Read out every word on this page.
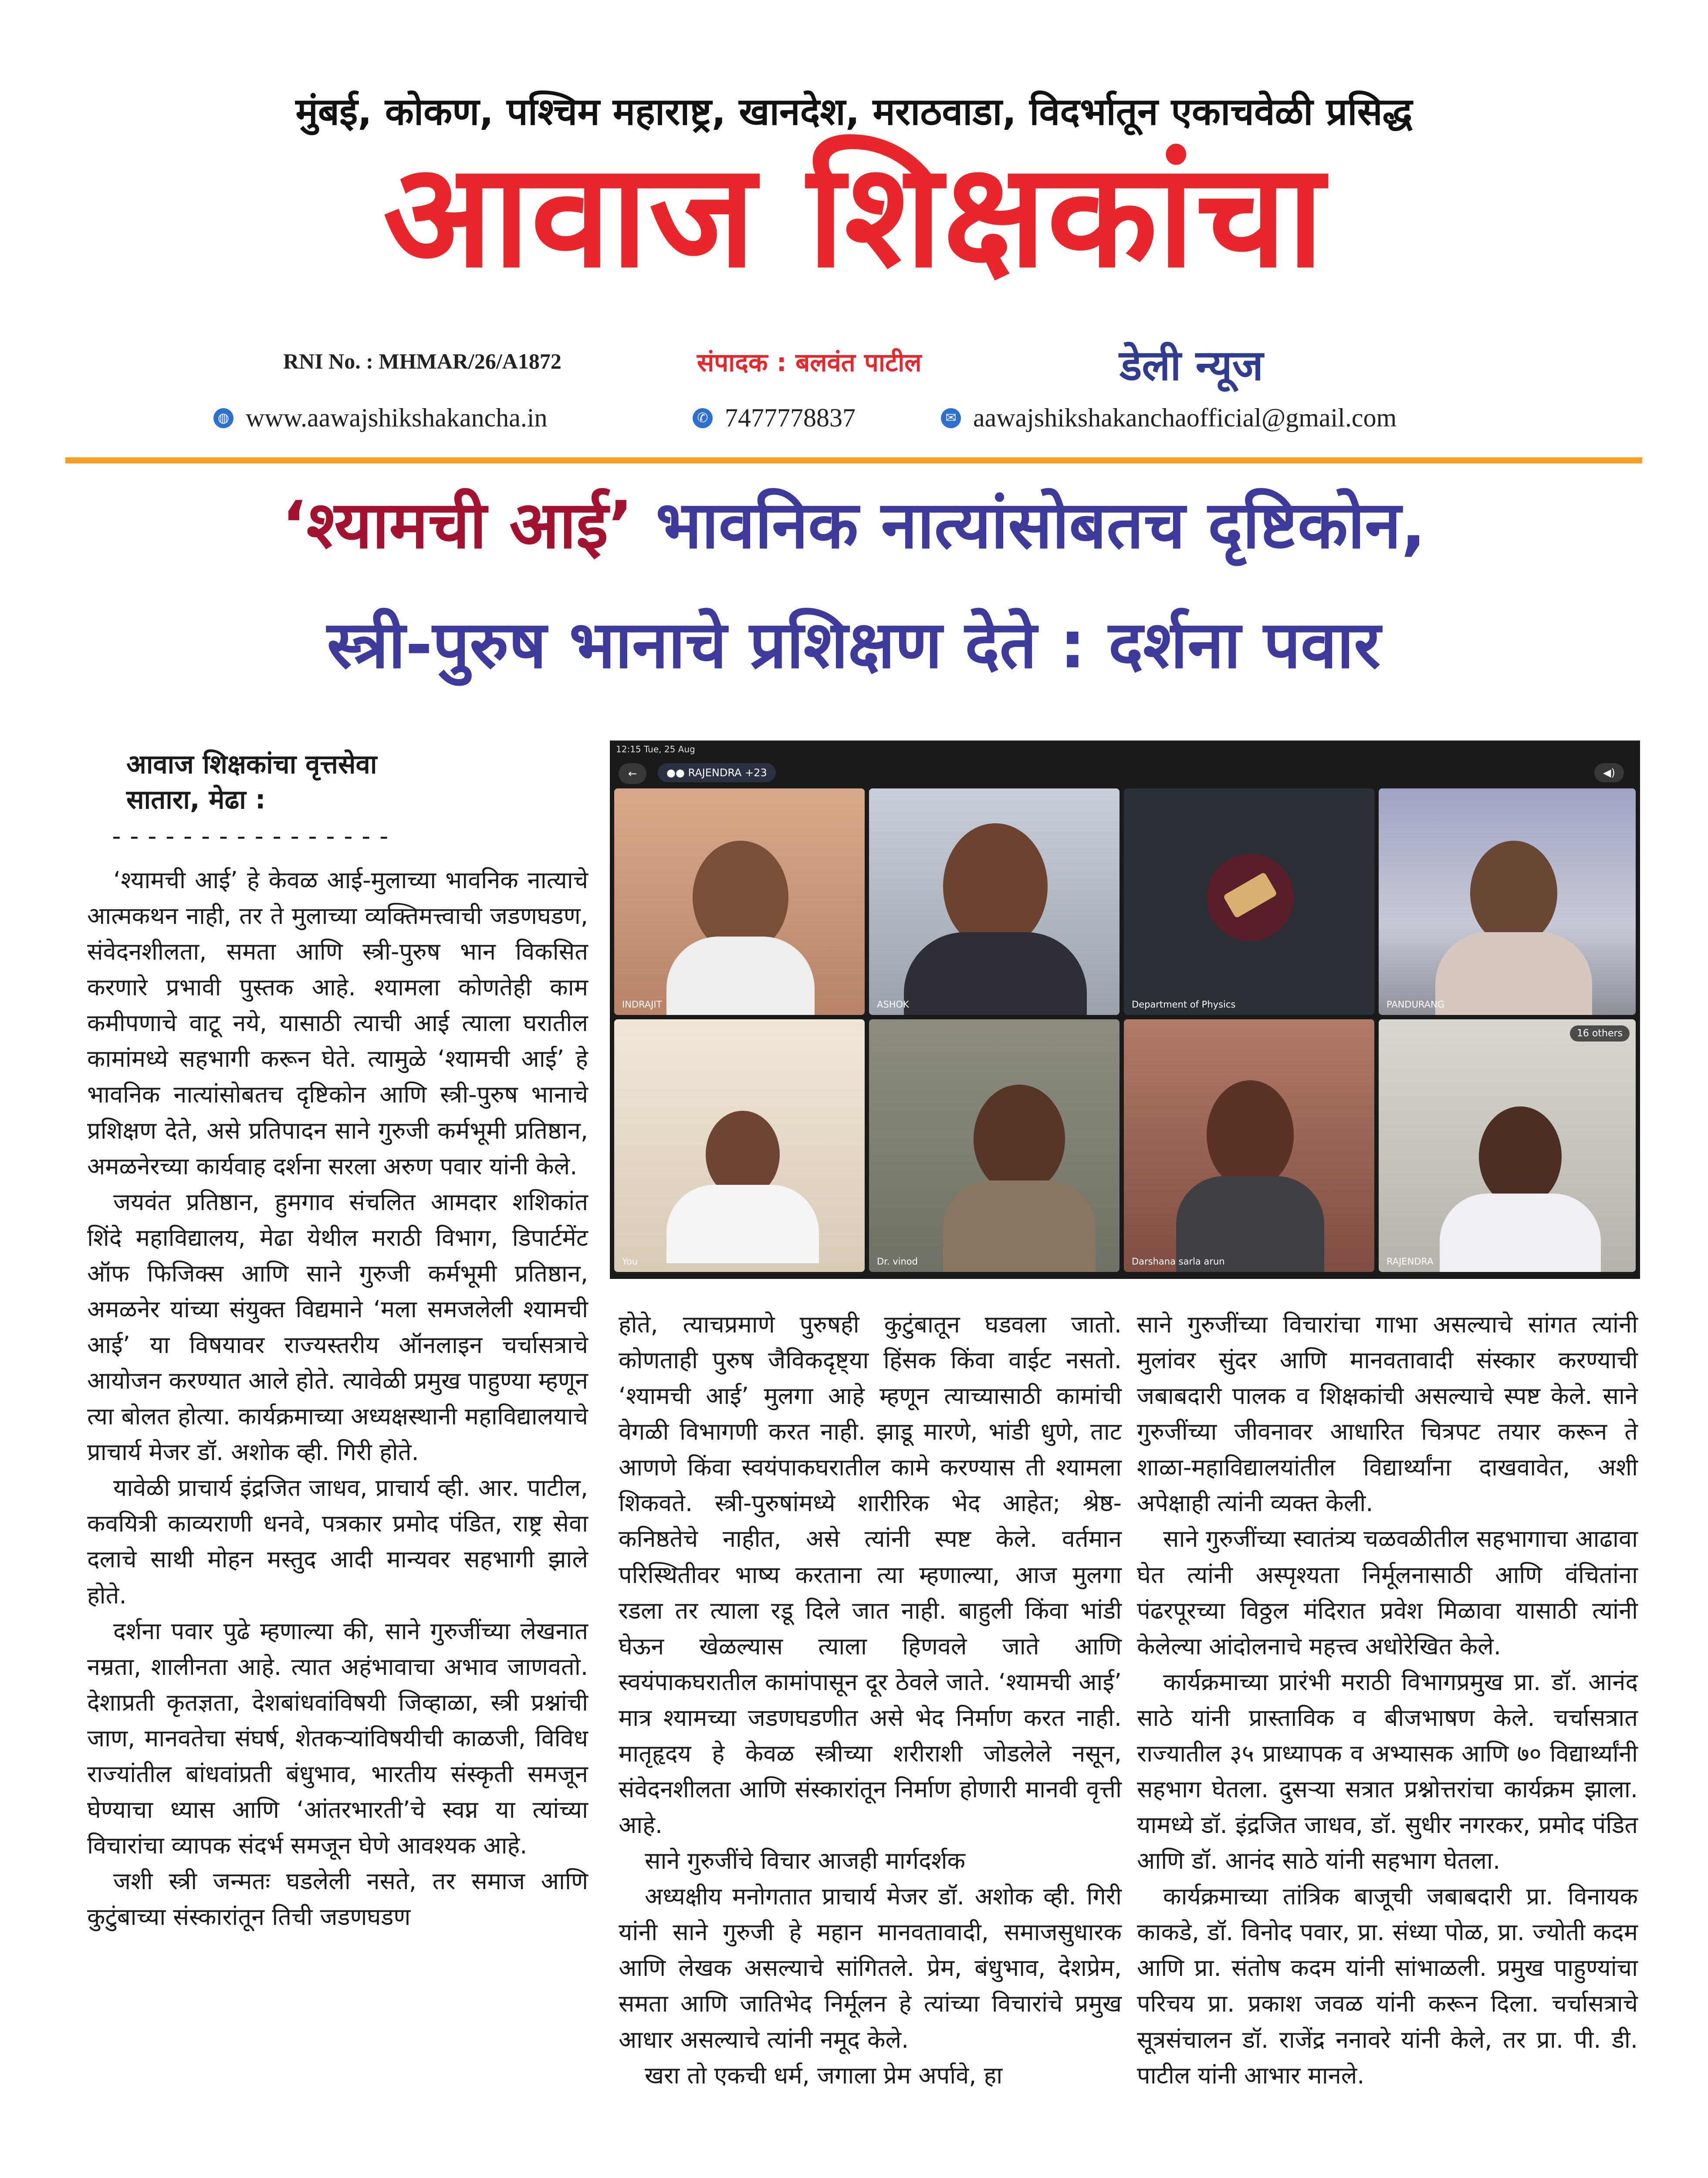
मुंबई, कोकण, पश्चिम महाराष्ट्र, खानदेश, मराठवाडा, विदर्भातून एकाचवेळी प्रसिद्ध
आवाज शिक्षकांचा
RNI No. : MHMAR/26/A1872	संपादक : बलवंत पाटील	डेली न्यूज
◍ www.aawajshikshakancha.in	✆ 7477778837	✉ aawajshikshakanchaofficial@gmail.com
‘श्यामची आई’ भावनिक नात्यांसोबतच दृष्टिकोन,
स्त्री-पुरुष भानाचे प्रशिक्षण देते : दर्शना पवार
आवाज शिक्षकांचा वृत्तसेवा
सातारा, मेढा :
----------------
12:15 Tue, 25 Aug
←	●● RAJENDRA +23	◀)
INDRAJIT	ASHOK	Department of Physics	PANDURANG
You	Dr. vinod	Darshana sarla arun
16 others
RAJENDRA

‘श्यामची आई’ हे केवळ आई-मुलाच्या भावनिक नात्याचे आत्मकथन नाही, तर ते मुलाच्या व्यक्तिमत्त्वाची जडणघडण, संवेदनशीलता, समता आणि स्त्री-पुरुष भान विकसित करणारे प्रभावी पुस्तक आहे. श्यामला कोणतेही काम कमीपणाचे वाटू नये, यासाठी त्याची आई त्याला घरातील कामांमध्ये सहभागी करून घेते. त्यामुळे ‘श्यामची आई’ हे भावनिक नात्यांसोबतच दृष्टिकोन आणि स्त्री-पुरुष भानाचे प्रशिक्षण देते, असे प्रतिपादन साने गुरुजी कर्मभूमी प्रतिष्ठान, अमळनेरच्या कार्यवाह दर्शना सरला अरुण पवार यांनी केले.

जयवंत प्रतिष्ठान, हुमगाव संचलित आमदार शशिकांत शिंदे महाविद्यालय, मेढा येथील मराठी विभाग, डिपार्टमेंट ऑफ फिजिक्स आणि साने गुरुजी कर्मभूमी प्रतिष्ठान, अमळनेर यांच्या संयुक्त विद्यमाने ‘मला समजलेली श्यामची आई’ या विषयावर राज्यस्तरीय ऑनलाइन चर्चासत्राचे आयोजन करण्यात आले होते. त्यावेळी प्रमुख पाहुण्या म्हणून त्या बोलत होत्या. कार्यक्रमाच्या अध्यक्षस्थानी महाविद्यालयाचे प्राचार्य मेजर डॉ. अशोक व्ही. गिरी होते.

यावेळी प्राचार्य इंद्रजित जाधव, प्राचार्य व्ही. आर. पाटील, कवयित्री काव्यराणी धनवे, पत्रकार प्रमोद पंडित, राष्ट्र सेवा दलाचे साथी मोहन मस्तुद आदी मान्यवर सहभागी झाले होते.

दर्शना पवार पुढे म्हणाल्या की, साने गुरुजींच्या लेखनात नम्रता, शालीनता आहे. त्यात अहंभावाचा अभाव जाणवतो. देशाप्रती कृतज्ञता, देशबांधवांविषयी जिव्हाळा, स्त्री प्रश्नांची जाण, मानवतेचा संघर्ष, शेतकऱ्यांविषयीची काळजी, विविध राज्यांतील बांधवांप्रती बंधुभाव, भारतीय संस्कृती समजून घेण्याचा ध्यास आणि ‘आंतरभारती’चे स्वप्न या त्यांच्या विचारांचा व्यापक संदर्भ समजून घेणे आवश्यक आहे.

जशी स्त्री जन्मतः घडलेली नसते, तर समाज आणि कुटुंबाच्या संस्कारांतून तिची जडणघडण

होते, त्याचप्रमाणे पुरुषही कुटुंबातून घडवला जातो. कोणताही पुरुष जैविकदृष्ट्या हिंसक किंवा वाईट नसतो. ‘श्यामची आई’ मुलगा आहे म्हणून त्याच्यासाठी कामांची वेगळी विभागणी करत नाही. झाडू मारणे, भांडी धुणे, ताट आणणे किंवा स्वयंपाकघरातील कामे करण्यास ती श्यामला शिकवते. स्त्री-पुरुषांमध्ये शारीरिक भेद आहेत; श्रेष्ठ-कनिष्ठतेचे नाहीत, असे त्यांनी स्पष्ट केले. वर्तमान परिस्थितीवर भाष्य करताना त्या म्हणाल्या, आज मुलगा रडला तर त्याला रडू दिले जात नाही. बाहुली किंवा भांडी घेऊन खेळल्यास त्याला हिणवले जाते आणि स्वयंपाकघरातील कामांपासून दूर ठेवले जाते. ‘श्यामची आई’ मात्र श्यामच्या जडणघडणीत असे भेद निर्माण करत नाही. मातृहृदय हे केवळ स्त्रीच्या शरीराशी जोडलेले नसून, संवेदनशीलता आणि संस्कारांतून निर्माण होणारी मानवी वृत्ती आहे.

साने गुरुजींचे विचार आजही मार्गदर्शक

अध्यक्षीय मनोगतात प्राचार्य मेजर डॉ. अशोक व्ही. गिरी यांनी साने गुरुजी हे महान मानवतावादी, समाजसुधारक आणि लेखक असल्याचे सांगितले. प्रेम, बंधुभाव, देशप्रेम, समता आणि जातिभेद निर्मूलन हे त्यांच्या विचारांचे प्रमुख आधार असल्याचे त्यांनी नमूद केले.

खरा तो एकची धर्म, जगाला प्रेम अर्पावे, हा

साने गुरुजींच्या विचारांचा गाभा असल्याचे सांगत त्यांनी मुलांवर सुंदर आणि मानवतावादी संस्कार करण्याची जबाबदारी पालक व शिक्षकांची असल्याचे स्पष्ट केले. साने गुरुजींच्या जीवनावर आधारित चित्रपट तयार करून ते शाळा-महाविद्यालयांतील विद्यार्थ्यांना दाखवावेत, अशी अपेक्षाही त्यांनी व्यक्त केली.

साने गुरुजींच्या स्वातंत्र्य चळवळीतील सहभागाचा आढावा घेत त्यांनी अस्पृश्यता निर्मूलनासाठी आणि वंचितांना पंढरपूरच्या विठ्ठल मंदिरात प्रवेश मिळावा यासाठी त्यांनी केलेल्या आंदोलनाचे महत्त्व अधोरेखित केले.

कार्यक्रमाच्या प्रारंभी मराठी विभागप्रमुख प्रा. डॉ. आनंद साठे यांनी प्रास्ताविक व बीजभाषण केले. चर्चासत्रात राज्यातील ३५ प्राध्यापक व अभ्यासक आणि ७० विद्यार्थ्यांनी सहभाग घेतला. दुसऱ्या सत्रात प्रश्नोत्तरांचा कार्यक्रम झाला. यामध्ये डॉ. इंद्रजित जाधव, डॉ. सुधीर नगरकर, प्रमोद पंडित आणि डॉ. आनंद साठे यांनी सहभाग घेतला.

कार्यक्रमाच्या तांत्रिक बाजूची जबाबदारी प्रा. विनायक काकडे, डॉ. विनोद पवार, प्रा. संध्या पोळ, प्रा. ज्योती कदम आणि प्रा. संतोष कदम यांनी सांभाळली. प्रमुख पाहुण्यांचा परिचय प्रा. प्रकाश जवळ यांनी करून दिला. चर्चासत्राचे सूत्रसंचालन डॉ. राजेंद्र ननावरे यांनी केले, तर प्रा. पी. डी. पाटील यांनी आभार मानले.
